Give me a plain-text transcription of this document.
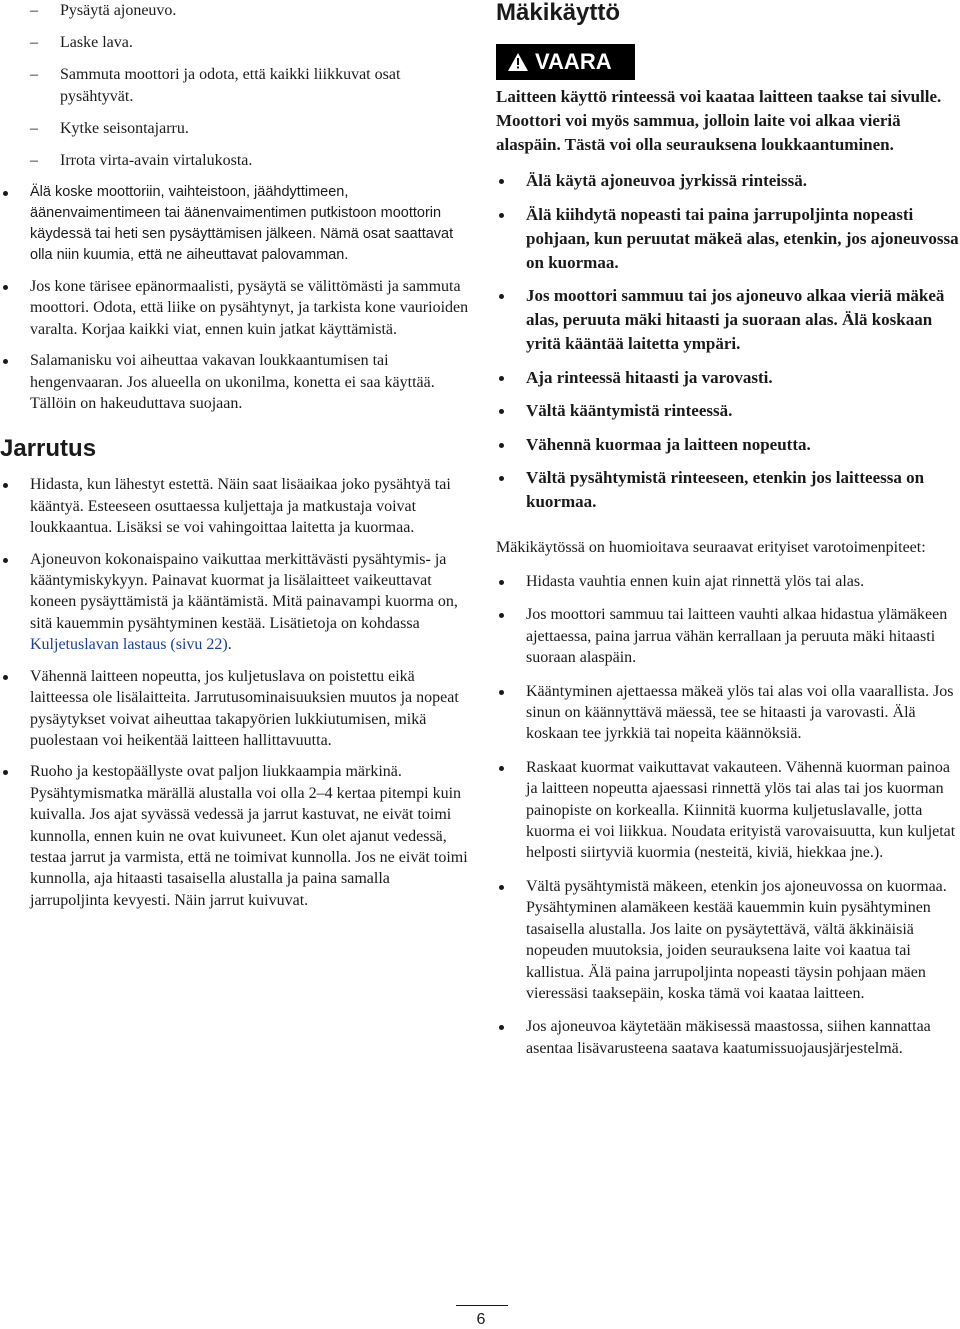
– Pysäytä ajoneuvo.
– Laske lava.
– Sammuta moottori ja odota, että kaikki liikkuvat osat pysähtyvät.
– Kytke seisontajarru.
– Irrota virta-avain virtalukosta.
Älä koske moottoriin, vaihteistoon, jäähdyttimeen, äänenvaimentimeen tai äänenvaimentimen putkistoon moottorin käydessä tai heti sen pysäyttämisen jälkeen. Nämä osat saattavat olla niin kuumia, että ne aiheuttavat palovamman.
Jos kone tärisee epänormaalisti, pysäytä se välittömästi ja sammuta moottori. Odota, että liike on pysähtynyt, ja tarkista kone vaurioiden varalta. Korjaa kaikki viat, ennen kuin jatkat käyttämistä.
Salamanisku voi aiheuttaa vakavan loukkaantumisen tai hengenvaaran. Jos alueella on ukonilma, konetta ei saa käyttää. Tällöin on hakeuduttava suojaan.
Jarrutus
Hidasta, kun lähestyt estettä. Näin saat lisäaikaa joko pysähtyä tai kääntyä. Esteeseen osuttaessa kuljettaja ja matkustaja voivat loukkaantua. Lisäksi se voi vahingoittaa laitetta ja kuormaa.
Ajoneuvon kokonaispaino vaikuttaa merkittävästi pysähtymis- ja kääntymiskykyyn. Painavat kuormat ja lisälaitteet vaikeuttavat koneen pysäyttämistä ja kääntämistä. Mitä painavampi kuorma on, sitä kauemmin pysähtyminen kestää. Lisätietoja on kohdassa Kuljetuslavan lastaus (sivu 22).
Vähennä laitteen nopeutta, jos kuljetuslava on poistettu eikä laitteessa ole lisälaitteita. Jarrutusominaisuuksien muutos ja nopeat pysäytykset voivat aiheuttaa takapyörien lukkiutumisen, mikä puolestaan voi heikentää laitteen hallittavuutta.
Ruoho ja kestopäällyste ovat paljon liukkaampia märkinä. Pysähtymismatka märällä alustalla voi olla 2–4 kertaa pitempi kuin kuivalla. Jos ajat syvässä vedessä ja jarrut kastuvat, ne eivät toimi kunnolla, ennen kuin ne ovat kuivuneet. Kun olet ajanut vedessä, testaa jarrut ja varmista, että ne toimivat kunnolla. Jos ne eivät toimi kunnolla, aja hitaasti tasaisella alustalla ja paina samalla jarrupoljinta kevyesti. Näin jarrut kuivuvat.
Mäkikäyttö
VAARA

Laitteen käyttö rinteessä voi kaataa laitteen taakse tai sivulle. Moottori voi myös sammua, jolloin laite voi alkaa vieriä alaspäin. Tästä voi olla seurauksena loukkaantuminen.

Älä käytä ajoneuvoa jyrkissä rinteissä.
Älä kiihdytä nopeasti tai paina jarrupoljinta nopeasti pohjaan, kun peruutat mäkeä alas, etenkin, jos ajoneuvossa on kuormaa.
Jos moottori sammuu tai jos ajoneuvo alkaa vieriä mäkeä alas, peruuta mäki hitaasti ja suoraan alas. Älä koskaan yritä kääntää laitetta ympäri.
Aja rinteessä hitaasti ja varovasti.
Vältä kääntymistä rinteessä.
Vähennä kuormaa ja laitteen nopeutta.
Vältä pysähtymistä rinteeseen, etenkin jos laitteessa on kuormaa.

Mäkikäytössä on huomioitava seuraavat erityiset varotoimenpiteet:

Hidasta vauhtia ennen kuin ajat rinnettä ylös tai alas.
Jos moottori sammuu tai laitteen vauhti alkaa hidastua ylämäkeen ajettaessa, paina jarrua vähän kerrallaan ja peruuta mäki hitaasti suoraan alaspäin.
Kääntyminen ajettaessa mäkeä ylös tai alas voi olla vaarallista. Jos sinun on käännyttävä mäessä, tee se hitaasti ja varovasti. Älä koskaan tee jyrkkiä tai nopeita käännöksiä.
Raskaat kuormat vaikuttavat vakauteen. Vähennä kuorman painoa ja laitteen nopeutta ajaessasi rinnettä ylös tai alas tai jos kuorman painopiste on korkealla. Kiinnitä kuorma kuljetuslavalle, jotta kuorma ei voi liikkua. Noudata erityistä varovaisuutta, kun kuljetat helposti siirtyviä kuormia (nesteitä, kiviä, hiekkaa jne.).
Vältä pysähtymistä mäkeen, etenkin jos ajoneuvossa on kuormaa. Pysähtyminen alamäkeen kestää kauemmin kuin pysähtyminen tasaisella alustalla. Jos laite on pysäytettävä, vältä äkkinäisiä nopeuden muutoksia, joiden seurauksena laite voi kaatua tai kallistua. Älä paina jarrupoljinta nopeasti täysin pohjaan mäen vieressäsi taaksepäin, koska tämä voi kaataa laitteen.
Jos ajoneuvoa käytetään mäkisessä maastossa, siihen kannattaa asentaa lisävarusteena saatava kaatumissuojausjärjestelmä.
6
